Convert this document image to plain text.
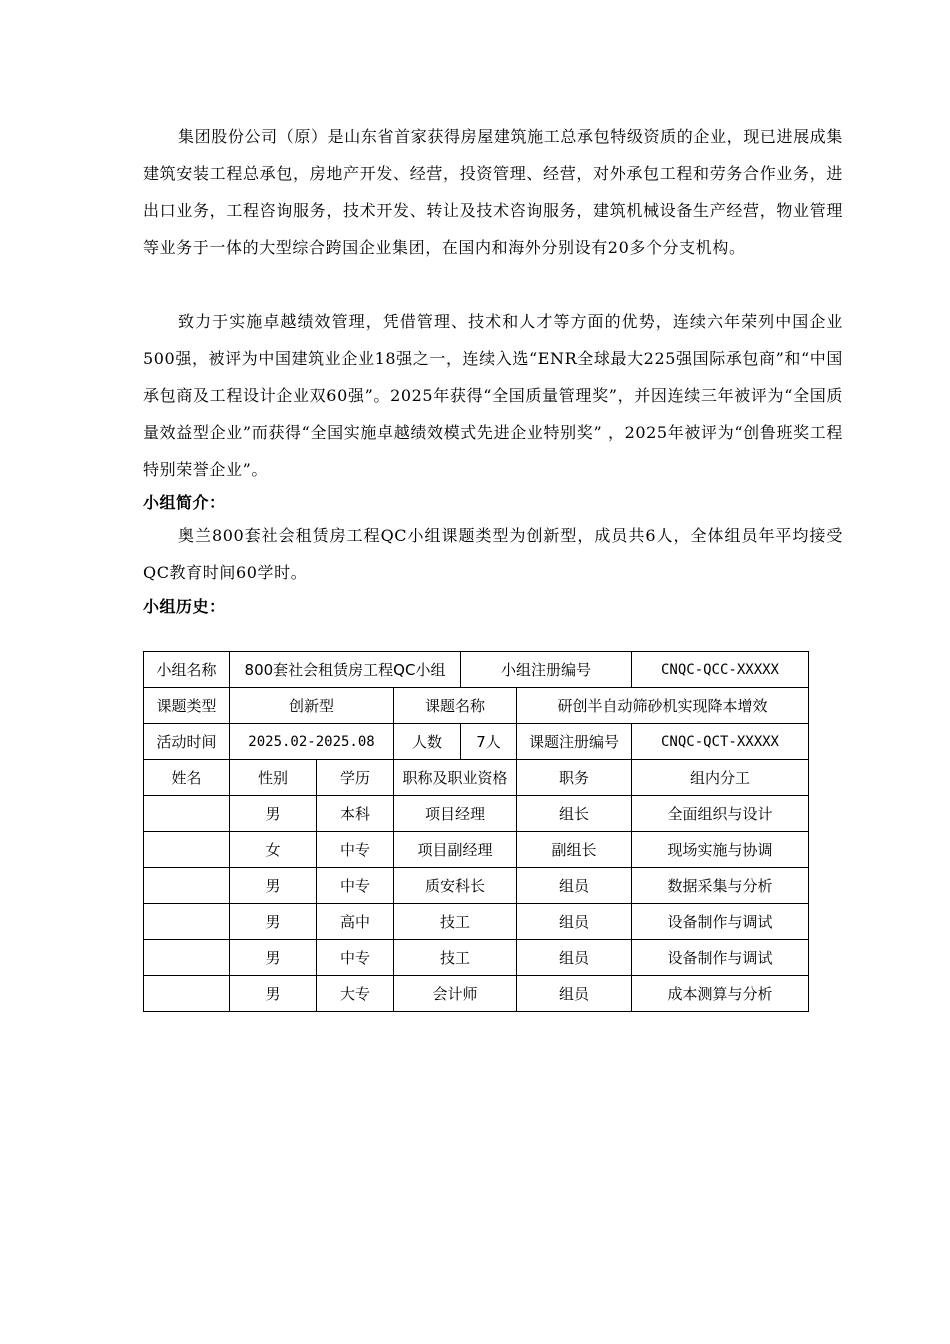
集团股份公司（原）是山东省首家获得房屋建筑施工总承包特级资质的企业，现已进展成集建筑安装工程总承包，房地产开发、经营，投资管理、经营，对外承包工程和劳务合作业务，进出口业务，工程咨询服务，技术开发、转让及技术咨询服务，建筑机械设备生产经营，物业管理等业务于一体的大型综合跨国企业集团，在国内和海外分别设有20多个分支机构。

致力于实施卓越绩效管理，凭借管理、技术和人才等方面的优势，连续六年荣列中国企业500强，被评为中国建筑业企业18强之一，连续入选“ENR全球最大225强国际承包商”和“中国承包商及工程设计企业双60强”。2025年获得“全国质量管理奖”，并因连续三年被评为“全国质量效益型企业”而获得“全国实施卓越绩效模式先进企业特别奖” ，2025年被评为“创鲁班奖工程特别荣誉企业”。

小组简介：

奥兰800套社会租赁房工程QC小组课题类型为创新型，成员共6人，全体组员年平均接受QC教育时间60学时。

小组历史：
小组名称	800套社会租赁房工程QC小组			小组注册编号		CNQC-QCC-XXXXX
课题类型	创新型		课题名称		研创半自动筛砂机实现降本增效	
活动时间	2025.02-2025.08		人数	7人	课题注册编号	CNQC-QCT-XXXXX
姓名	性别	学历	职称及职业资格		职务	组内分工
	男	本科	项目经理		组长	全面组织与设计
	女	中专	项目副经理		副组长	现场实施与协调
	男	中专	质安科长		组员	数据采集与分析
	男	高中	技工		组员	设备制作与调试
	男	中专	技工		组员	设备制作与调试
	男	大专	会计师		组员	成本测算与分析
